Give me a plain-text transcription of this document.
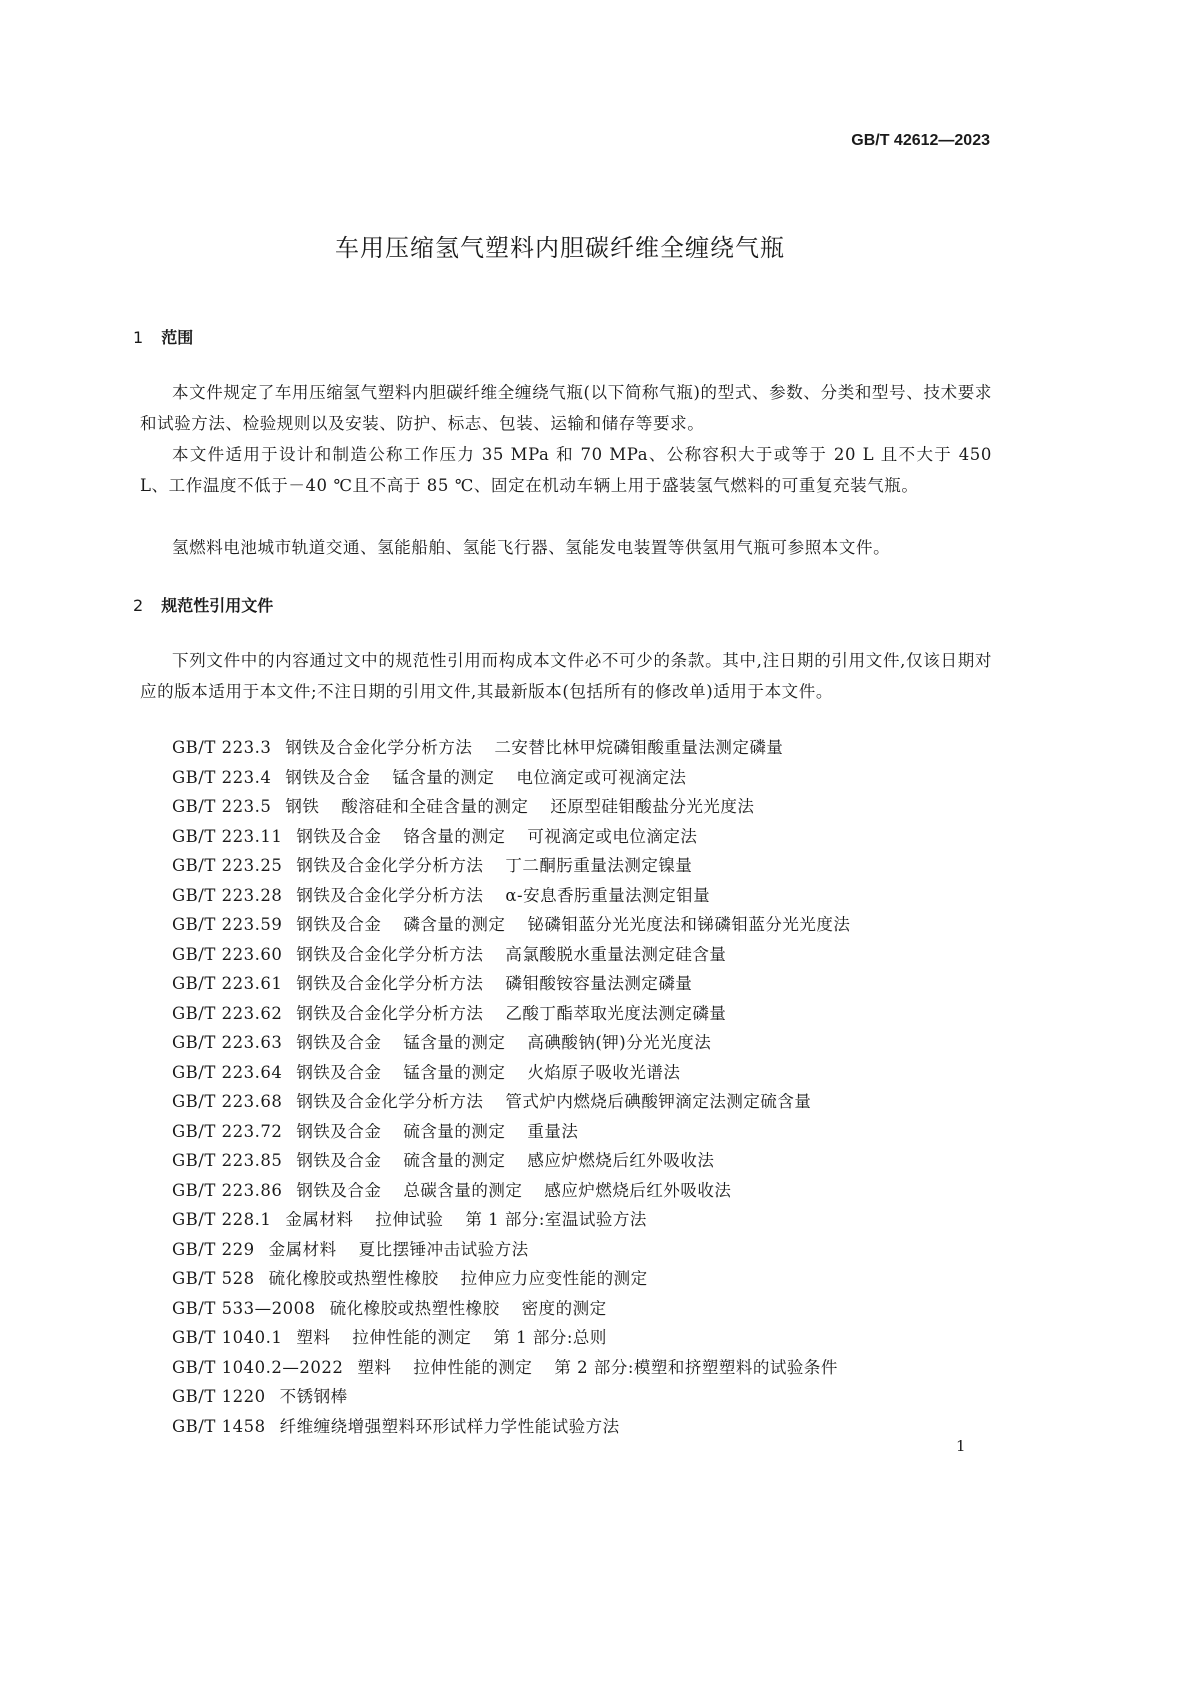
GB/T 42612—2023
车用压缩氢气塑料内胆碳纤维全缠绕气瓶
1 范围
本文件规定了车用压缩氢气塑料内胆碳纤维全缠绕气瓶(以下简称气瓶)的型式、参数、分类和型号、技术要求和试验方法、检验规则以及安装、防护、标志、包装、运输和储存等要求。
本文件适用于设计和制造公称工作压力 35 MPa 和 70 MPa、公称容积大于或等于 20 L 且不大于 450 L、工作温度不低于－40 ℃且不高于 85 ℃、固定在机动车辆上用于盛装氢气燃料的可重复充装气瓶。
氢燃料电池城市轨道交通、氢能船舶、氢能飞行器、氢能发电装置等供氢用气瓶可参照本文件。
2 规范性引用文件
下列文件中的内容通过文中的规范性引用而构成本文件必不可少的条款。其中,注日期的引用文件,仅该日期对应的版本适用于本文件;不注日期的引用文件,其最新版本(包括所有的修改单)适用于本文件。
GB/T 223.3 钢铁及合金化学分析方法 二安替比林甲烷磷钼酸重量法测定磷量
GB/T 223.4 钢铁及合金 锰含量的测定 电位滴定或可视滴定法
GB/T 223.5 钢铁 酸溶硅和全硅含量的测定 还原型硅钼酸盐分光光度法
GB/T 223.11 钢铁及合金 铬含量的测定 可视滴定或电位滴定法
GB/T 223.25 钢铁及合金化学分析方法 丁二酮肟重量法测定镍量
GB/T 223.28 钢铁及合金化学分析方法 α-安息香肟重量法测定钼量
GB/T 223.59 钢铁及合金 磷含量的测定 铋磷钼蓝分光光度法和锑磷钼蓝分光光度法
GB/T 223.60 钢铁及合金化学分析方法 高氯酸脱水重量法测定硅含量
GB/T 223.61 钢铁及合金化学分析方法 磷钼酸铵容量法测定磷量
GB/T 223.62 钢铁及合金化学分析方法 乙酸丁酯萃取光度法测定磷量
GB/T 223.63 钢铁及合金 锰含量的测定 高碘酸钠(钾)分光光度法
GB/T 223.64 钢铁及合金 锰含量的测定 火焰原子吸收光谱法
GB/T 223.68 钢铁及合金化学分析方法 管式炉内燃烧后碘酸钾滴定法测定硫含量
GB/T 223.72 钢铁及合金 硫含量的测定 重量法
GB/T 223.85 钢铁及合金 硫含量的测定 感应炉燃烧后红外吸收法
GB/T 223.86 钢铁及合金 总碳含量的测定 感应炉燃烧后红外吸收法
GB/T 228.1 金属材料 拉伸试验 第 1 部分:室温试验方法
GB/T 229 金属材料 夏比摆锤冲击试验方法
GB/T 528 硫化橡胶或热塑性橡胶 拉伸应力应变性能的测定
GB/T 533—2008 硫化橡胶或热塑性橡胶 密度的测定
GB/T 1040.1 塑料 拉伸性能的测定 第 1 部分:总则
GB/T 1040.2—2022 塑料 拉伸性能的测定 第 2 部分:模塑和挤塑塑料的试验条件
GB/T 1220 不锈钢棒
GB/T 1458 纤维缠绕增强塑料环形试样力学性能试验方法
1
